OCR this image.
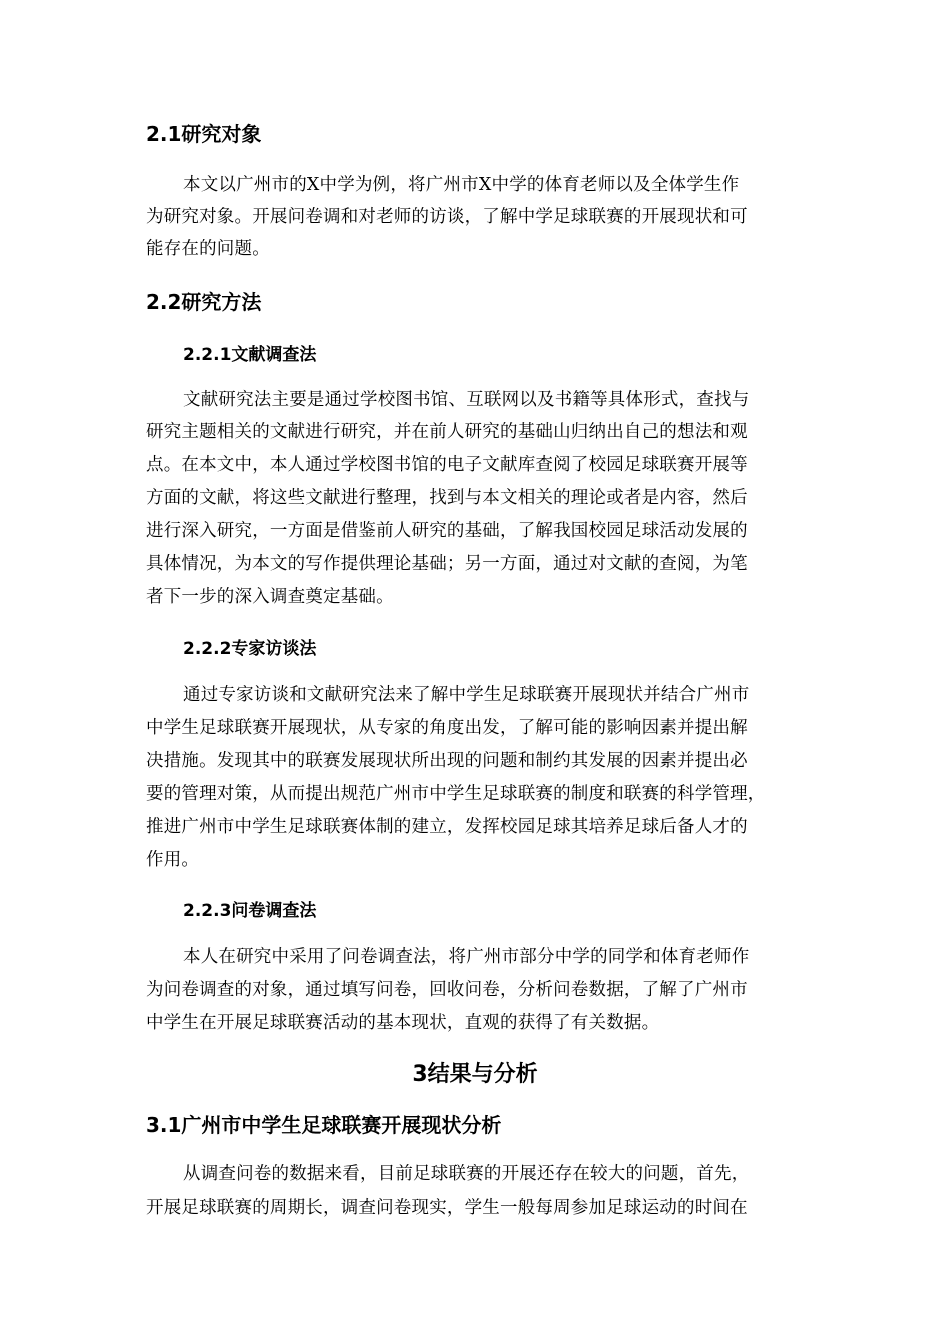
2.1研究对象
本文以广州市的X中学为例，将广州市X中学的体育老师以及全体学生作
为研究对象。开展问卷调和对老师的访谈，了解中学足球联赛的开展现状和可
能存在的问题。
2.2研究方法
2.2.1文献调查法
文献研究法主要是通过学校图书馆、互联网以及书籍等具体形式，查找与
研究主题相关的文献进行研究，并在前人研究的基础山归纳出自己的想法和观
点。在本文中，本人通过学校图书馆的电子文献库查阅了校园足球联赛开展等
方面的文献，将这些文献进行整理，找到与本文相关的理论或者是内容，然后
进行深入研究，一方面是借鉴前人研究的基础，了解我国校园足球活动发展的
具体情况，为本文的写作提供理论基础；另一方面，通过对文献的查阅，为笔
者下一步的深入调查奠定基础。
2.2.2专家访谈法
通过专家访谈和文献研究法来了解中学生足球联赛开展现状并结合广州市
中学生足球联赛开展现状，从专家的角度出发，了解可能的影响因素并提出解
决措施。发现其中的联赛发展现状所出现的问题和制约其发展的因素并提出必
要的管理对策，从而提出规范广州市中学生足球联赛的制度和联赛的科学管理，
推进广州市中学生足球联赛体制的建立，发挥校园足球其培养足球后备人才的
作用。
2.2.3问卷调查法
本人在研究中采用了问卷调查法，将广州市部分中学的同学和体育老师作
为问卷调查的对象，通过填写问卷，回收问卷，分析问卷数据，了解了广州市
中学生在开展足球联赛活动的基本现状，直观的获得了有关数据。
3结果与分析
3.1广州市中学生足球联赛开展现状分析
从调查问卷的数据来看，目前足球联赛的开展还存在较大的问题，首先，
开展足球联赛的周期长，调查问卷现实，学生一般每周参加足球运动的时间在
